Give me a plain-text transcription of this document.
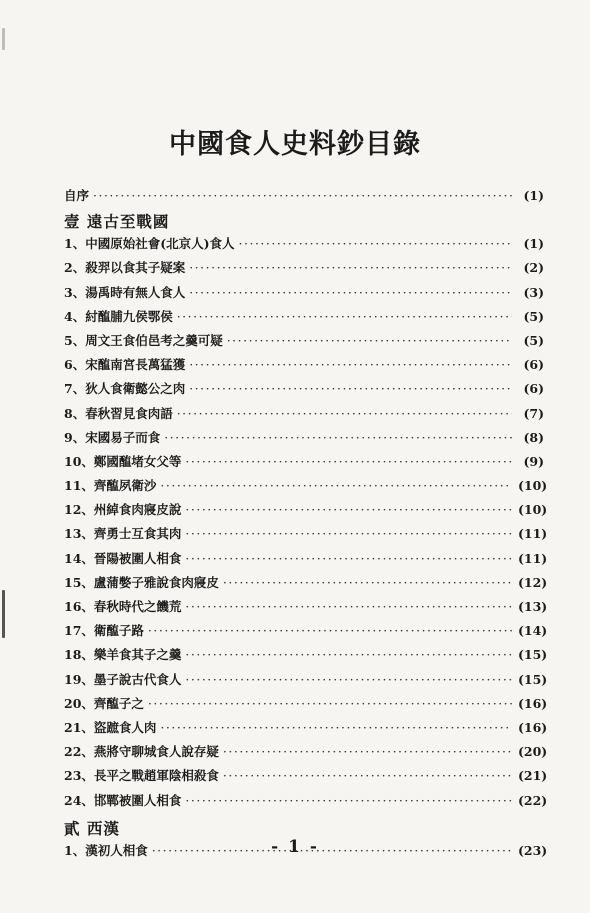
中國食人史料鈔目錄
自序 ·····	(1)
壹 遠古至戰國
1、中國原始社會(北京人)食人 ·····	(1)
2、殺羿以食其子疑案 ·····	(2)
3、湯禹時有無人食人 ·····	(3)
4、紂醢脯九侯鄂侯 ·····	(5)
5、周文王食伯邑考之羹可疑 ·····	(5)
6、宋醢南宮長萬猛獲 ·····	(6)
7、狄人食衛懿公之肉 ·····	(6)
8、春秋習見食肉語 ·····	(7)
9、宋國易子而食 ·····	(8)
10、鄭國醢堵女父等 ·····	(9)
11、齊醢夙衛沙 ·····	(10)
12、州綽食肉寢皮說 ·····	(10)
13、齊勇士互食其肉 ·····	(11)
14、晉陽被圍人相食 ·····	(11)
15、盧蒲嫳子雅說食肉寢皮 ·····	(12)
16、春秋時代之饑荒 ·····	(13)
17、衛醢子路 ·····	(14)
18、樂羊食其子之羹 ·····	(15)
19、墨子說古代食人 ·····	(15)
20、齊醢子之 ·····	(16)
21、盜蹠食人肉 ·····	(16)
22、燕將守聊城食人說存疑 ·····	(20)
23、長平之戰趙軍陰相殺食 ·····	(21)
24、邯鄲被圍人相食 ·····	(22)
貳 西漢
1、漢初人相食 ·····	(23)
- 1 -
